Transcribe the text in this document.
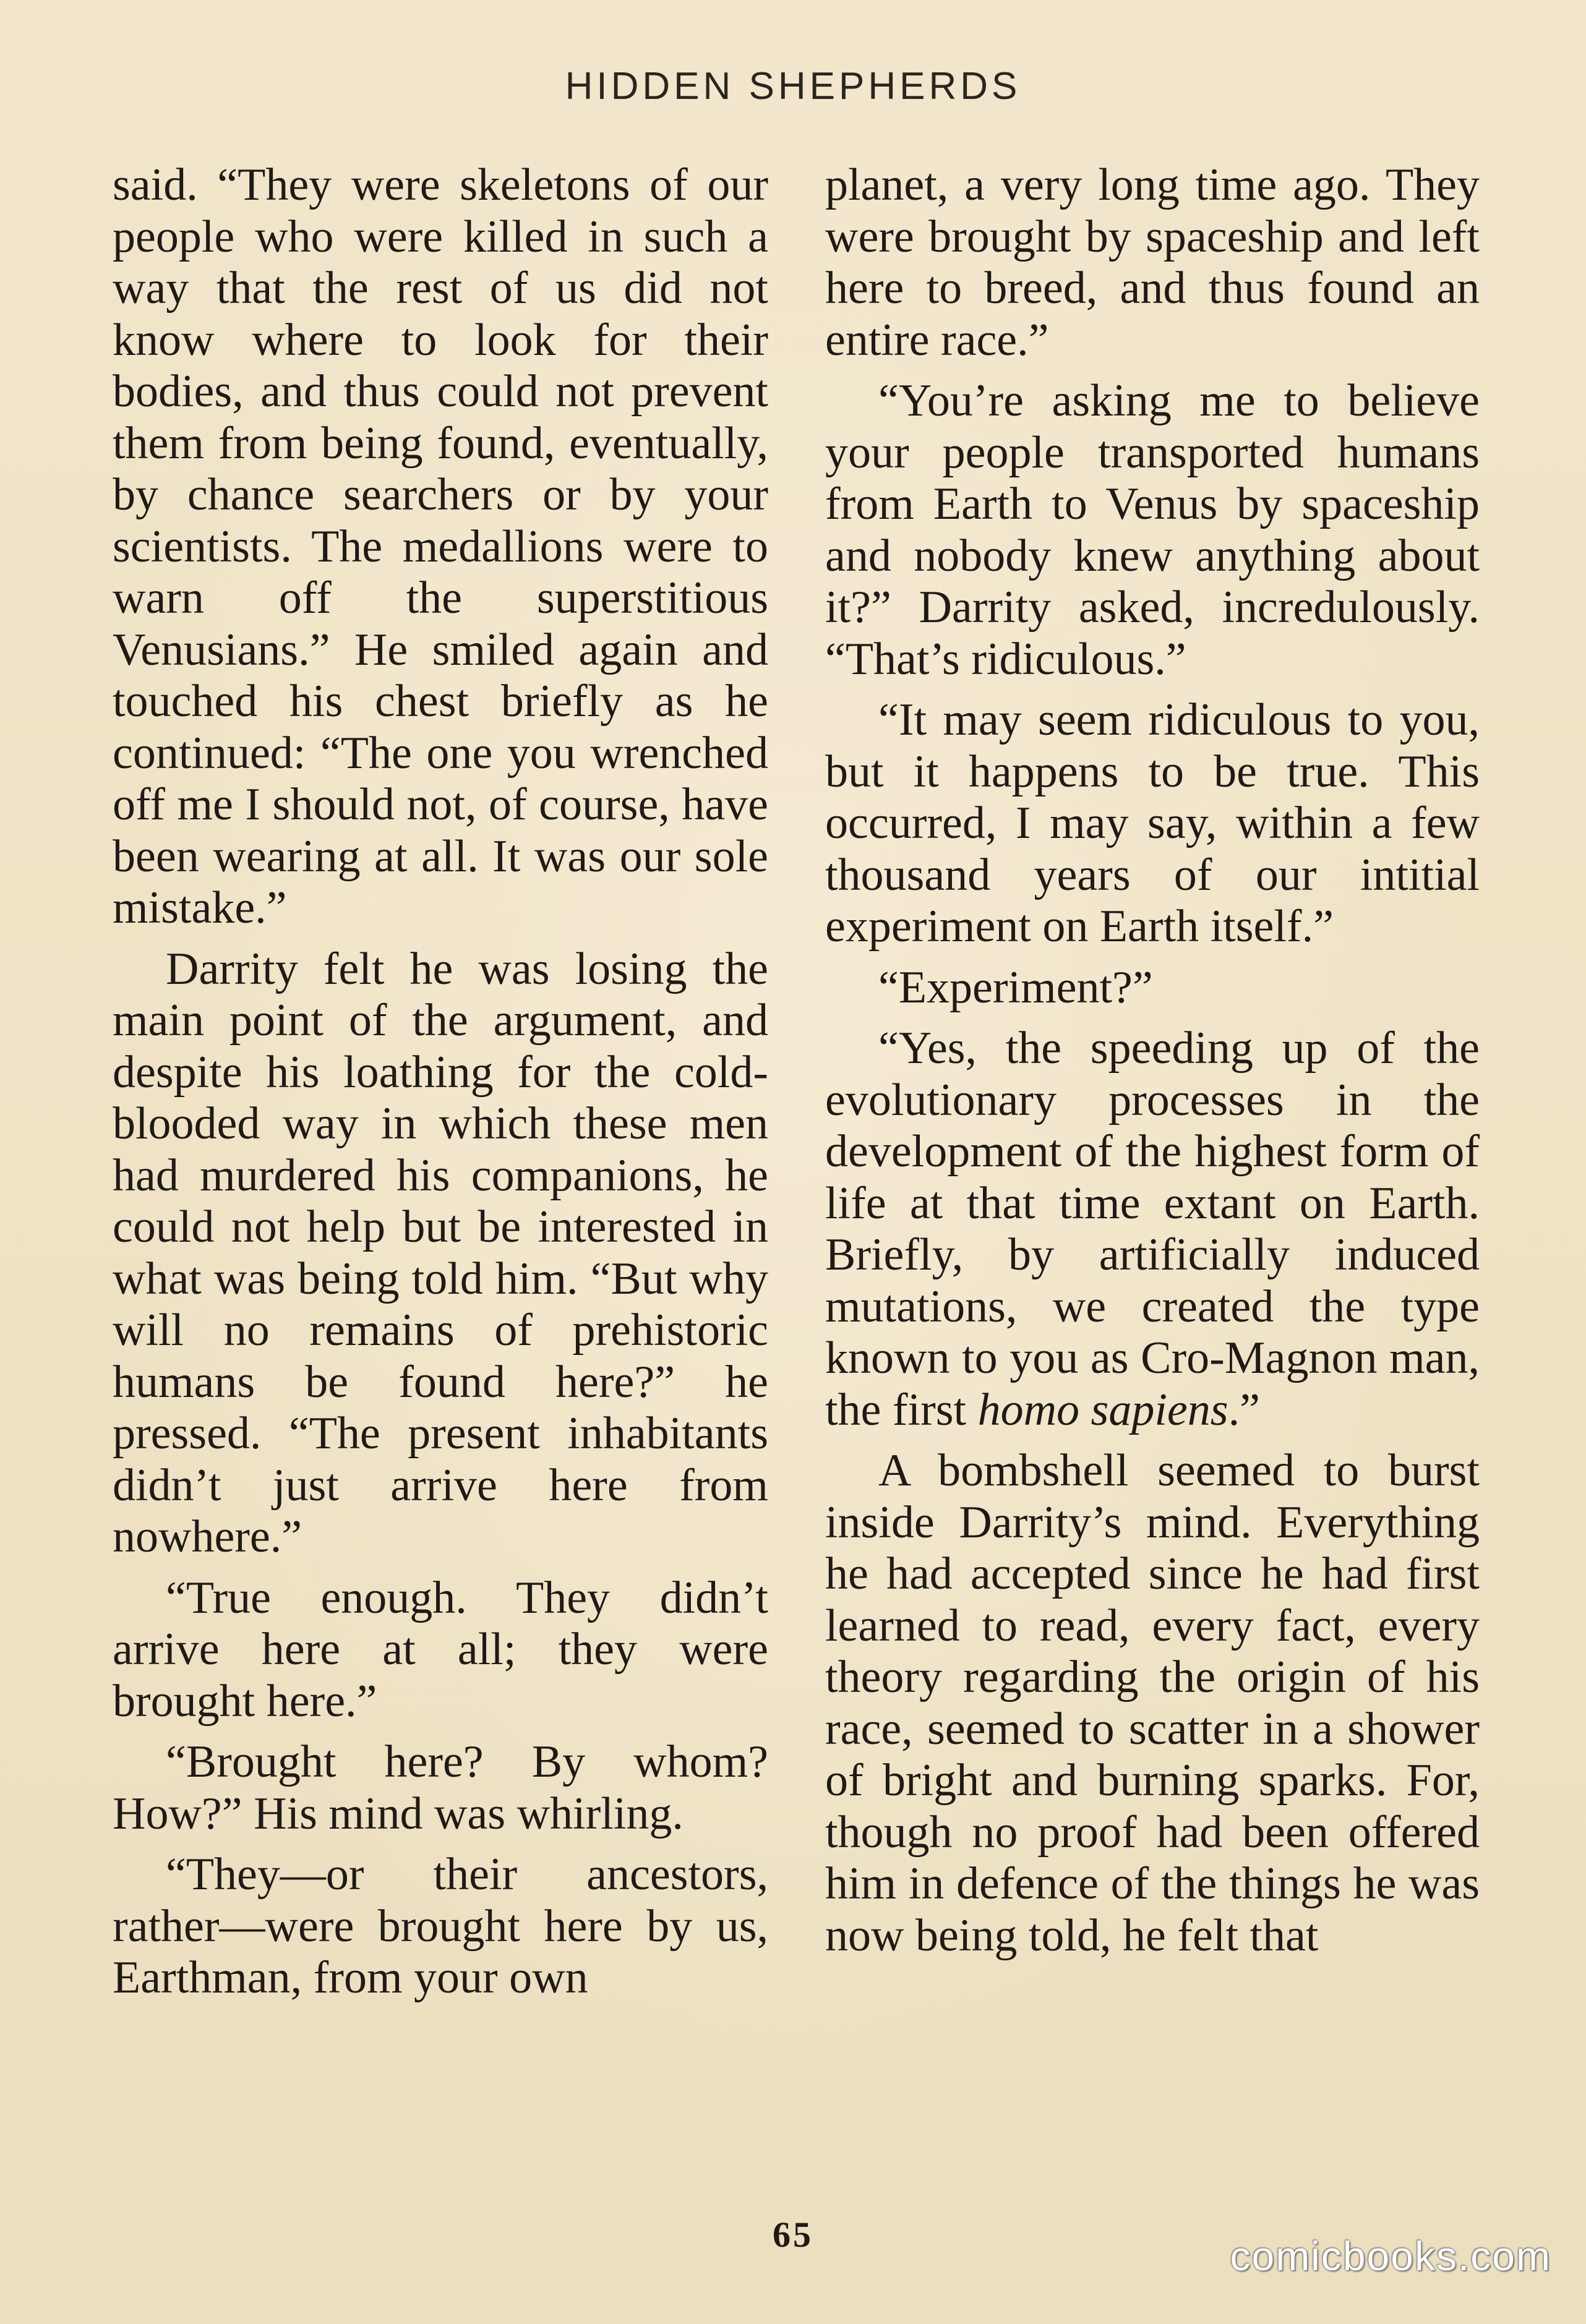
HIDDEN SHEPHERDS

said. “They were skeletons of our people who were killed in such a way that the rest of us did not know where to look for their bodies, and thus could not prevent them from being found, eventually, by chance searchers or by your scientists. The medallions were to warn off the superstitious Venusians.” He smiled again and touched his chest briefly as he continued: “The one you wrenched off me I should not, of course, have been wearing at all. It was our sole mistake.”

Darrity felt he was losing the main point of the argument, and despite his loathing for the cold-blooded way in which these men had murdered his companions, he could not help but be interested in what was being told him. “But why will no remains of prehistoric humans be found here?” he pressed. “The present inhabitants didn’t just arrive here from nowhere.”

“True enough. They didn’t arrive here at all; they were brought here.”

“Brought here? By whom? How?” His mind was whirling.

“They—or their ancestors, rather—were brought here by us, Earthman, from your own

planet, a very long time ago. They were brought by spaceship and left here to breed, and thus found an entire race.”

“You’re asking me to believe your people transported humans from Earth to Venus by spaceship and nobody knew anything about it?” Darrity asked, incredulously. “That’s ridiculous.”

“It may seem ridiculous to you, but it happens to be true. This occurred, I may say, within a few thousand years of our intitial experiment on Earth itself.”

“Experiment?”

“Yes, the speeding up of the evolutionary processes in the development of the highest form of life at that time extant on Earth. Briefly, by artificially induced mutations, we created the type known to you as Cro-Magnon man, the first homo sapiens.”

A bombshell seemed to burst inside Darrity’s mind. Everything he had accepted since he had first learned to read, every fact, every theory regarding the origin of his race, seemed to scatter in a shower of bright and burning sparks. For, though no proof had been offered him in defence of the things he was now being told, he felt that

65	comicbooks.com
